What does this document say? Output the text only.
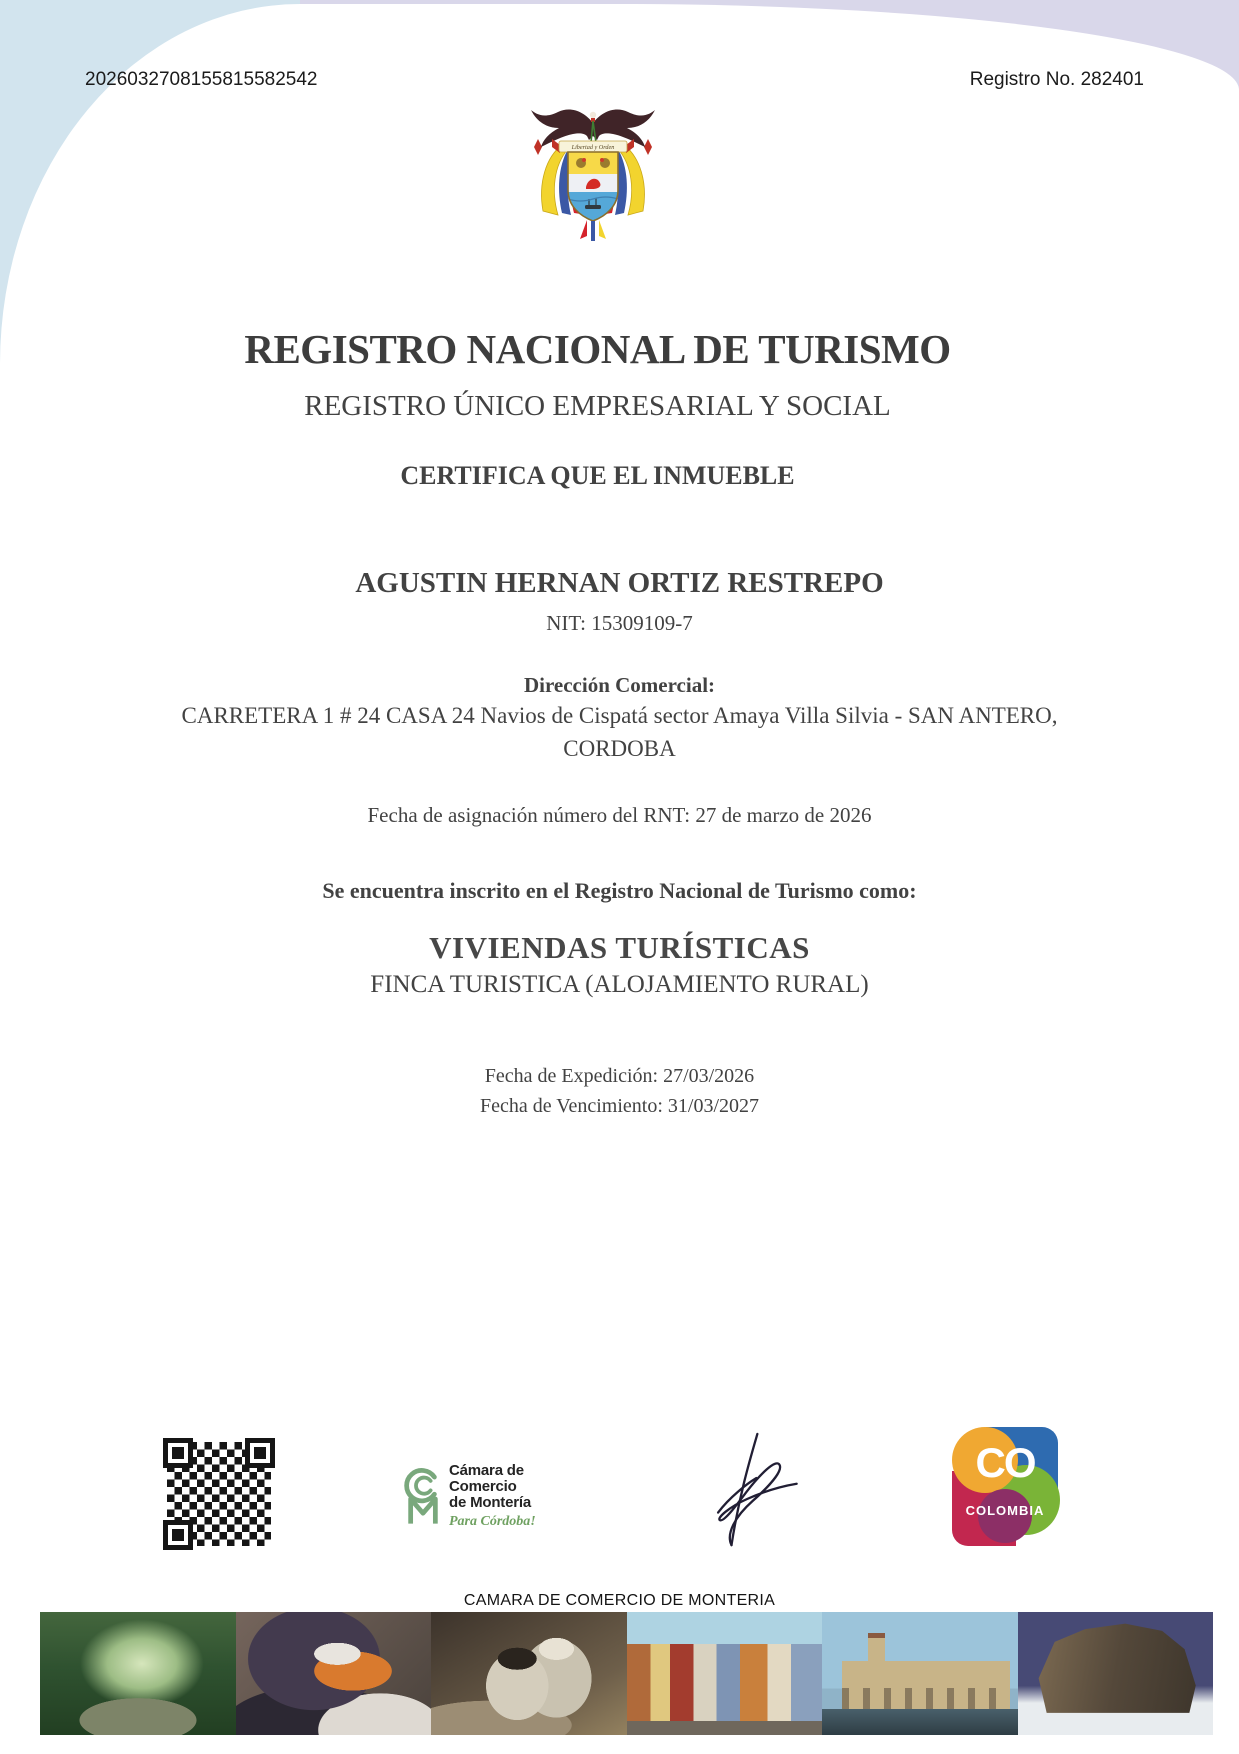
2026032708155815582542	Registro No. 282401
Libertad y Orden
REGISTRO NACIONAL DE TURISMO
REGISTRO ÚNICO EMPRESARIAL Y SOCIAL
CERTIFICA QUE EL INMUEBLE
AGUSTIN HERNAN ORTIZ RESTREPO
NIT: 15309109-7
Dirección Comercial:
CARRETERA 1 # 24 CASA 24 Navios de Cispatá sector Amaya Villa Silvia - SAN ANTERO,
CORDOBA
Fecha de asignación número del RNT: 27 de marzo de 2026
Se encuentra inscrito en el Registro Nacional de Turismo como:
VIVIENDAS TURÍSTICAS
FINCA TURISTICA (ALOJAMIENTO RURAL)
Fecha de Expedición: 27/03/2026
Fecha de Vencimiento: 31/03/2027
Cámara de
Comercio
de Montería
Para Córdoba!
CO
COLOMBIA
CAMARA DE COMERCIO DE MONTERIA
